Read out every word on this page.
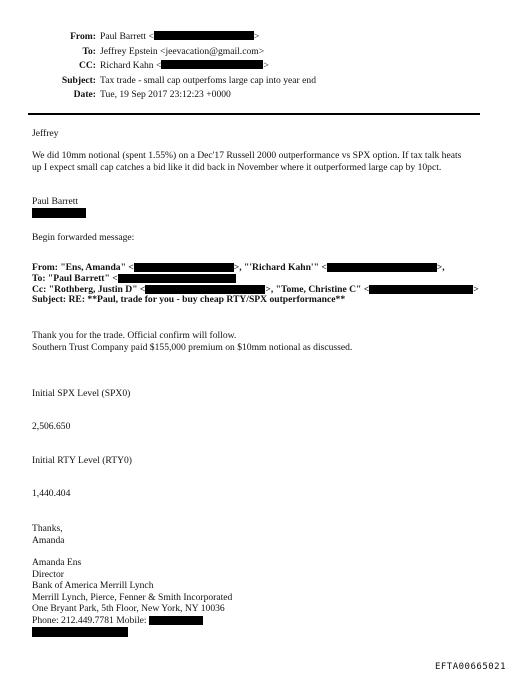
From: Paul Barrett <	>
To: Jeffrey Epstein <jeevacation@gmail.com>
CC: Richard Kahn <	>
Subject: Tax trade - small cap outperfoms large cap into year end
Date: Tue, 19 Sep 2017 23:12:23 +0000
Jeffrey
We did 10mm notional (spent 1.55%) on a Dec'17 Russell 2000 outperformance vs SPX option. If tax talk heats
up I expect small cap catches a bid like it did back in November where it outperformed large cap by 10pct.
Paul Barrett
Begin forwarded message:
From: "Ens, Amanda" <	>, "'Richard Kahn'" <	>,
To: "Paul Barrett" <
Cc: "Rothberg, Justin D" <	>, "Tome, Christine C" <	>
Subject: RE: **Paul, trade for you - buy cheap RTY/SPX outperformance**
Thank you for the trade. Official confirm will follow.
Southern Trust Company paid $155,000 premium on $10mm notional as discussed.
Initial SPX Level (SPX0)
2,506.650
Initial RTY Level (RTY0)
1,440.404
Thanks,
Amanda
Amanda Ens
Director
Bank of America Merrill Lynch
Merrill Lynch, Pierce, Fenner & Smith Incorporated
One Bryant Park, 5th Floor, New York, NY 10036
Phone: 212.449.7781 Mobile:
EFTA00665021
